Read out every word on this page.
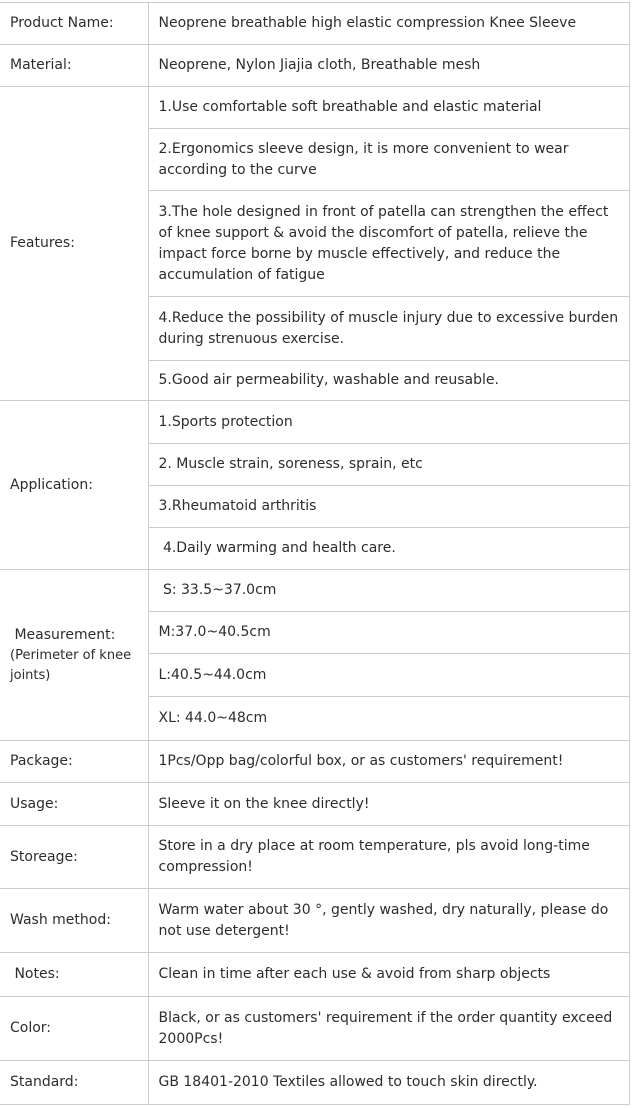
Product Name:	Neoprene breathable high elastic compression Knee Sleeve
Material:	Neoprene, Nylon Jiajia cloth, Breathable mesh
Features:	1.Use comfortable soft breathable and elastic material
	2.Ergonomics sleeve design, it is more convenient to wear according to the curve
	3.The hole designed in front of patella can strengthen the effect of knee support & avoid the discomfort of patella, relieve the impact force borne by muscle effectively, and reduce the accumulation of fatigue
	4.Reduce the possibility of muscle injury due to excessive burden during strenuous exercise.
	5.Good air permeability, washable and reusable.
Application:	1.Sports protection
	2. Muscle strain, soreness, sprain, etc
	3.Rheumatoid arthritis
	4.Daily warming and health care.

Measurement:
(Perimeter of knee joints)	S: 33.5~37.0cm
	M:37.0~40.5cm
	L:40.5~44.0cm
	XL: 44.0~48cm
Package:	1Pcs/Opp bag/colorful box, or as customers' requirement!
Usage:	Sleeve it on the knee directly!
Storeage:	Store in a dry place at room temperature, pls avoid long-time compression!
Wash method:	Warm water about 30 °, gently washed, dry naturally, please do not use detergent!
Notes:	Clean in time after each use & avoid from sharp objects
Color:	Black, or as customers' requirement if the order quantity exceed 2000Pcs!
Standard:	GB 18401-2010 Textiles allowed to touch skin directly.
